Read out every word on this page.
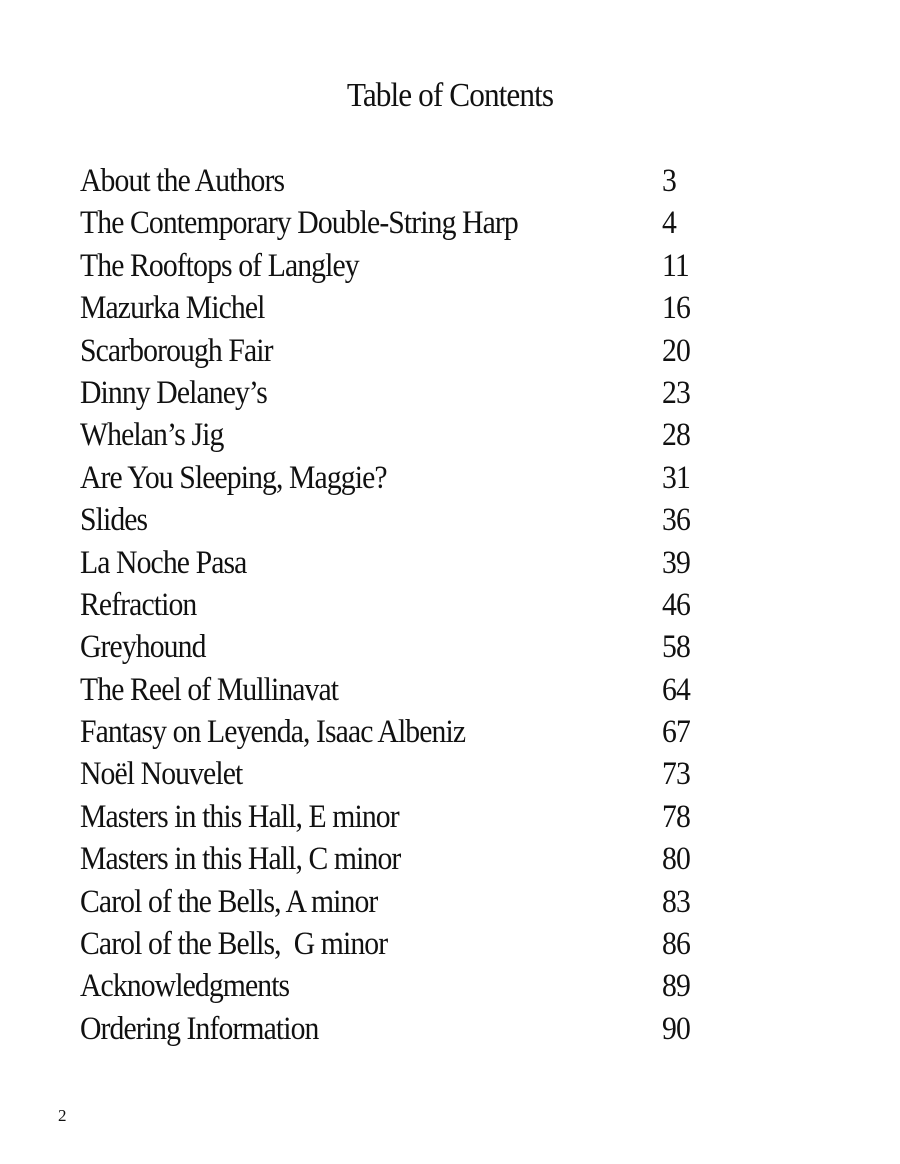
Table of Contents
About the Authors	3
The Contemporary Double-String Harp	4
The Rooftops of Langley	11
Mazurka Michel	16
Scarborough Fair	20
Dinny Delaney’s	23
Whelan’s Jig	28
Are You Sleeping, Maggie?	31
Slides	36
La Noche Pasa	39
Refraction	46
Greyhound	58
The Reel of Mullinavat	64
Fantasy on Leyenda, Isaac Albeniz	67
Noël Nouvelet	73
Masters in this Hall, E minor	78
Masters in this Hall, C minor	80
Carol of the Bells, A minor	83
Carol of the Bells,  G minor	86
Acknowledgments	89
Ordering Information	90
2
